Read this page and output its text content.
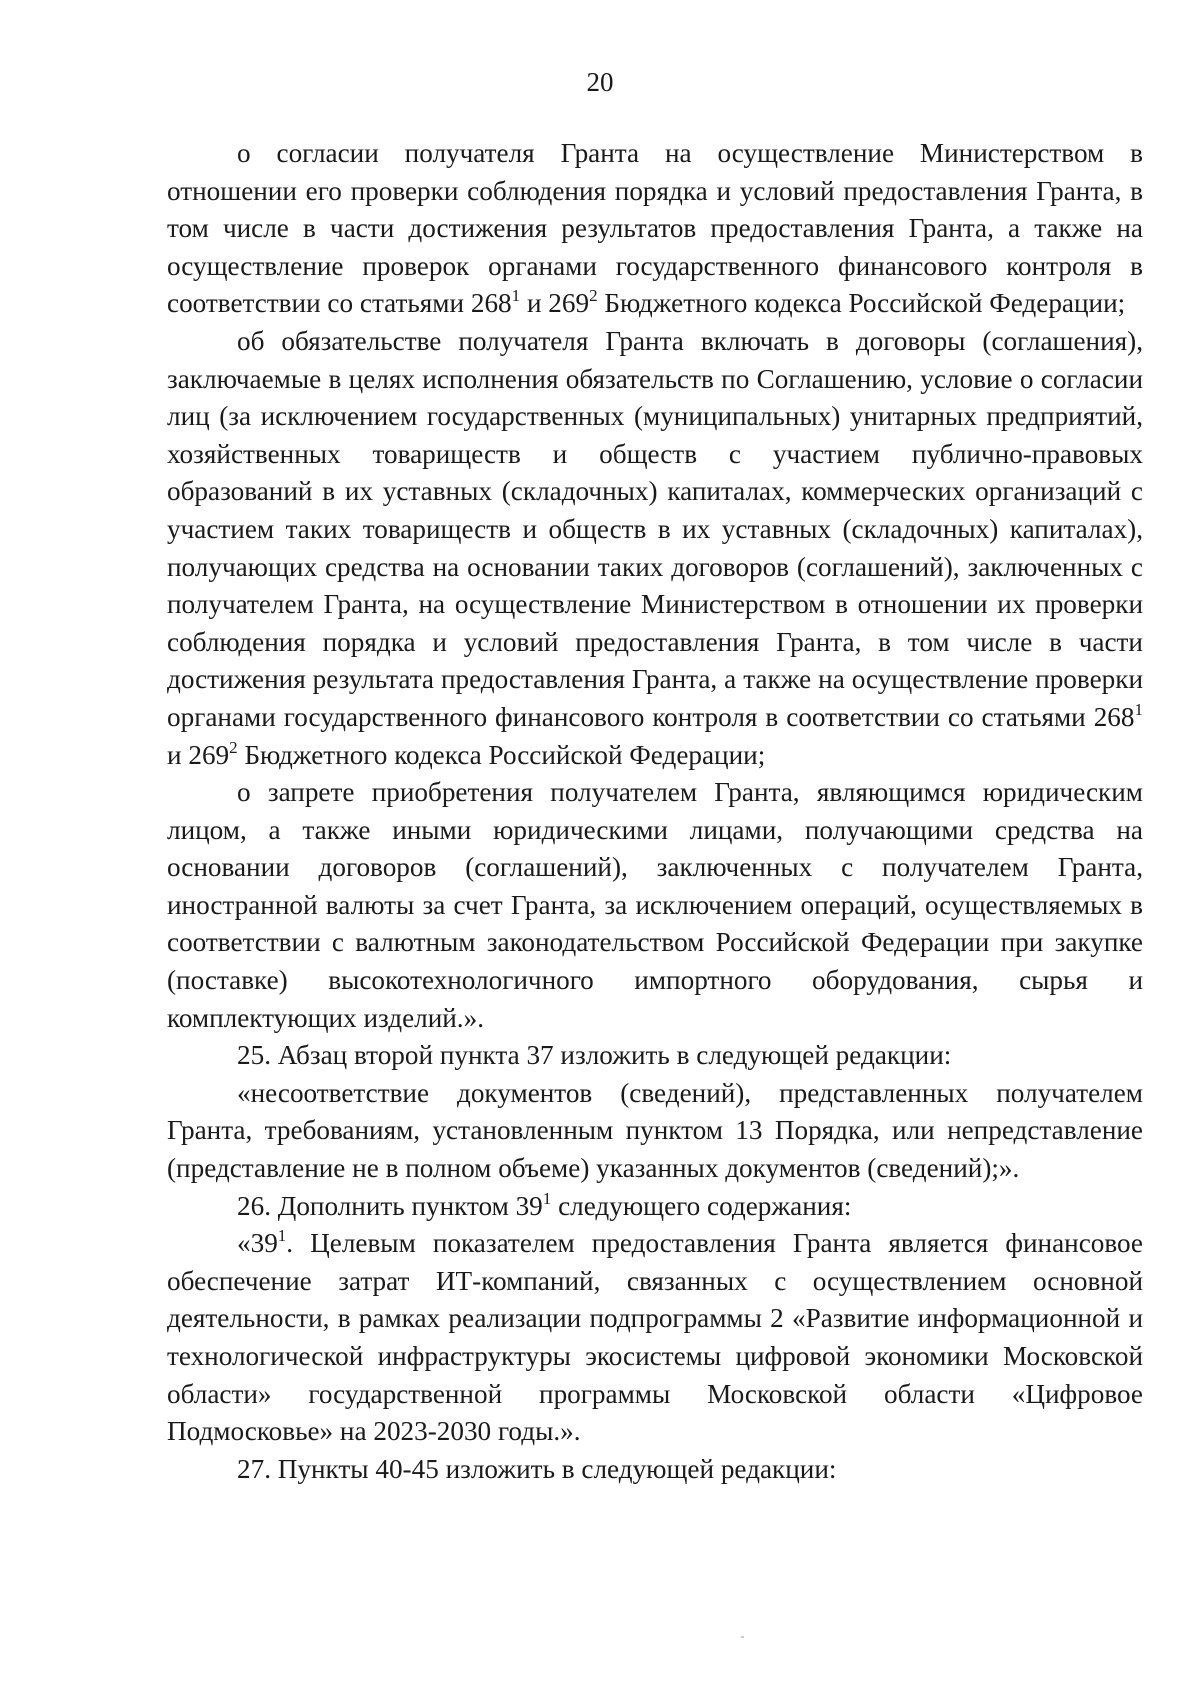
20

о согласии получателя Гранта на осуществление Министерством в отношении его проверки соблюдения порядка и условий предоставления Гранта, в том числе в части достижения результатов предоставления Гранта, а также на осуществление проверок органами государственного финансового контроля в соответствии со статьями $268^1$ и $269^2$ Бюджетного кодекса Российской Федерации;

об обязательстве получателя Гранта включать в договоры (соглашения), заключаемые в целях исполнения обязательств по Соглашению, условие о согласии лиц (за исключением государственных (муниципальных) унитарных предприятий, хозяйственных товариществ и обществ с участием публично-правовых образований в их уставных (складочных) капиталах, коммерческих организаций с участием таких товариществ и обществ в их уставных (складочных) капиталах), получающих средства на основании таких договоров (соглашений), заключенных с получателем Гранта, на осуществление Министерством в отношении их проверки соблюдения порядка и условий предоставления Гранта, в том числе в части достижения результата предоставления Гранта, а также на осуществление проверки органами государственного финансового контроля в соответствии со статьями $268^1$ и $269^2$ Бюджетного кодекса Российской Федерации;

о запрете приобретения получателем Гранта, являющимся юридическим лицом, а также иными юридическими лицами, получающими средства на основании договоров (соглашений), заключенных с получателем Гранта, иностранной валюты за счет Гранта, за исключением операций, осуществляемых в соответствии с валютным законодательством Российской Федерации при закупке (поставке) высокотехнологичного импортного оборудования, сырья и комплектующих изделий.».

25. Абзац второй пункта 37 изложить в следующей редакции:

«несоответствие документов (сведений), представленных получателем Гранта, требованиям, установленным пунктом 13 Порядка, или непредставление (представление не в полном объеме) указанных документов (сведений);».

26. Дополнить пунктом $39^1$ следующего содержания:

«$39^1$. Целевым показателем предоставления Гранта является финансовое обеспечение затрат ИТ-компаний, связанных с осуществлением основной деятельности, в рамках реализации подпрограммы 2 «Развитие информационной и технологической инфраструктуры экосистемы цифровой экономики Московской области» государственной программы Московской области «Цифровое Подмосковье» на 2023-2030 годы.».

27. Пункты 40-45 изложить в следующей редакции:
